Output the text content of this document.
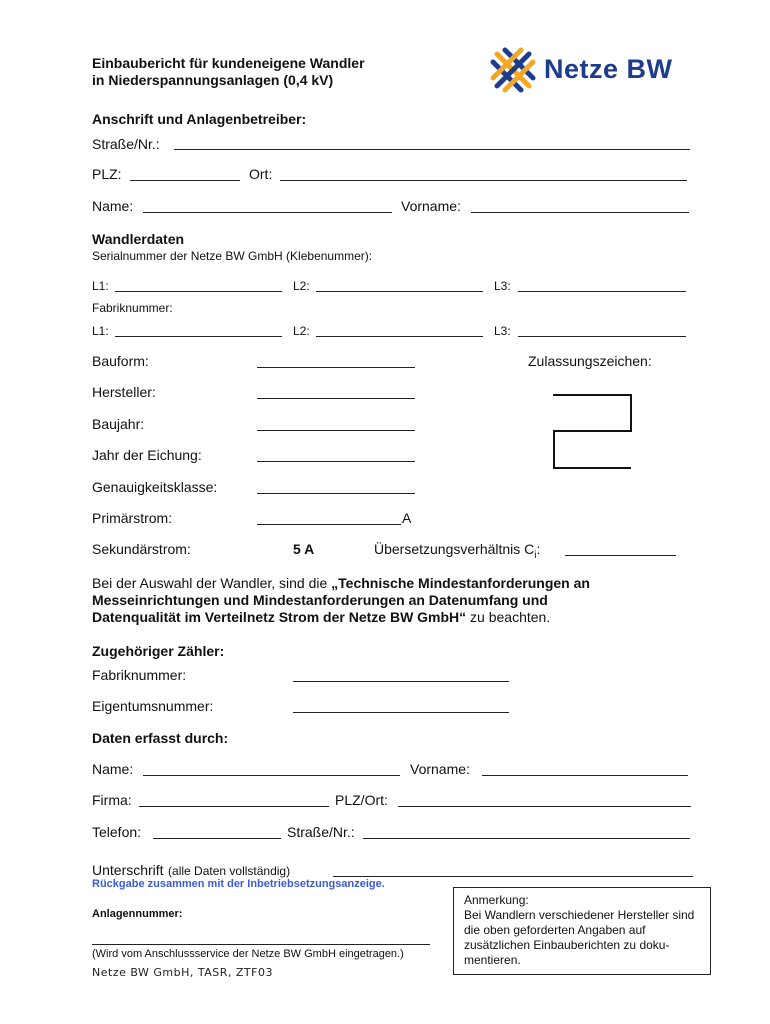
Einbaubericht für kundeneigene Wandler
in Niederspannungsanlagen (0,4 kV)	Netze BW
Anschrift und Anlagenbetreiber:
Straße/Nr.:
PLZ:	Ort:
Name:	Vorname:
Wandlerdaten
Serialnummer der Netze BW GmbH (Klebenummer):
L1:	L2:	L3:
Fabriknummer:
L1:	L2:	L3:
Bauform:	Zulassungszeichen:
Hersteller:
Baujahr:
Jahr der Eichung:
Genauigkeitsklasse:
Primärstrom:	A
Sekundärstrom:	5 A	Übersetzungsverhältnis $C_i$:
Bei der Auswahl der Wandler, sind die „Technische Mindestanforderungen an
Messeinrichtungen und Mindestanforderungen an Datenumfang und
Datenqualität im Verteilnetz Strom der Netze BW GmbH“ zu beachten.
Zugehöriger Zähler:
Fabriknummer:
Eigentumsnummer:
Daten erfasst durch:
Name:	Vorname:
Firma:	PLZ/Ort:
Telefon:	Straße/Nr.:
Unterschrift (alle Daten vollständig)
Rückgabe zusammen mit der Inbetriebsetzungsanzeige.
Anlagennummer:
(Wird vom Anschlussservice der Netze BW GmbH eingetragen.)
Anmerkung:
Bei Wandlern verschiedener Hersteller sind die oben geforderten Angaben auf zusätzlichen Einbauberichten zu doku-mentieren.
Netze BW GmbH, TASR, ZTF03
